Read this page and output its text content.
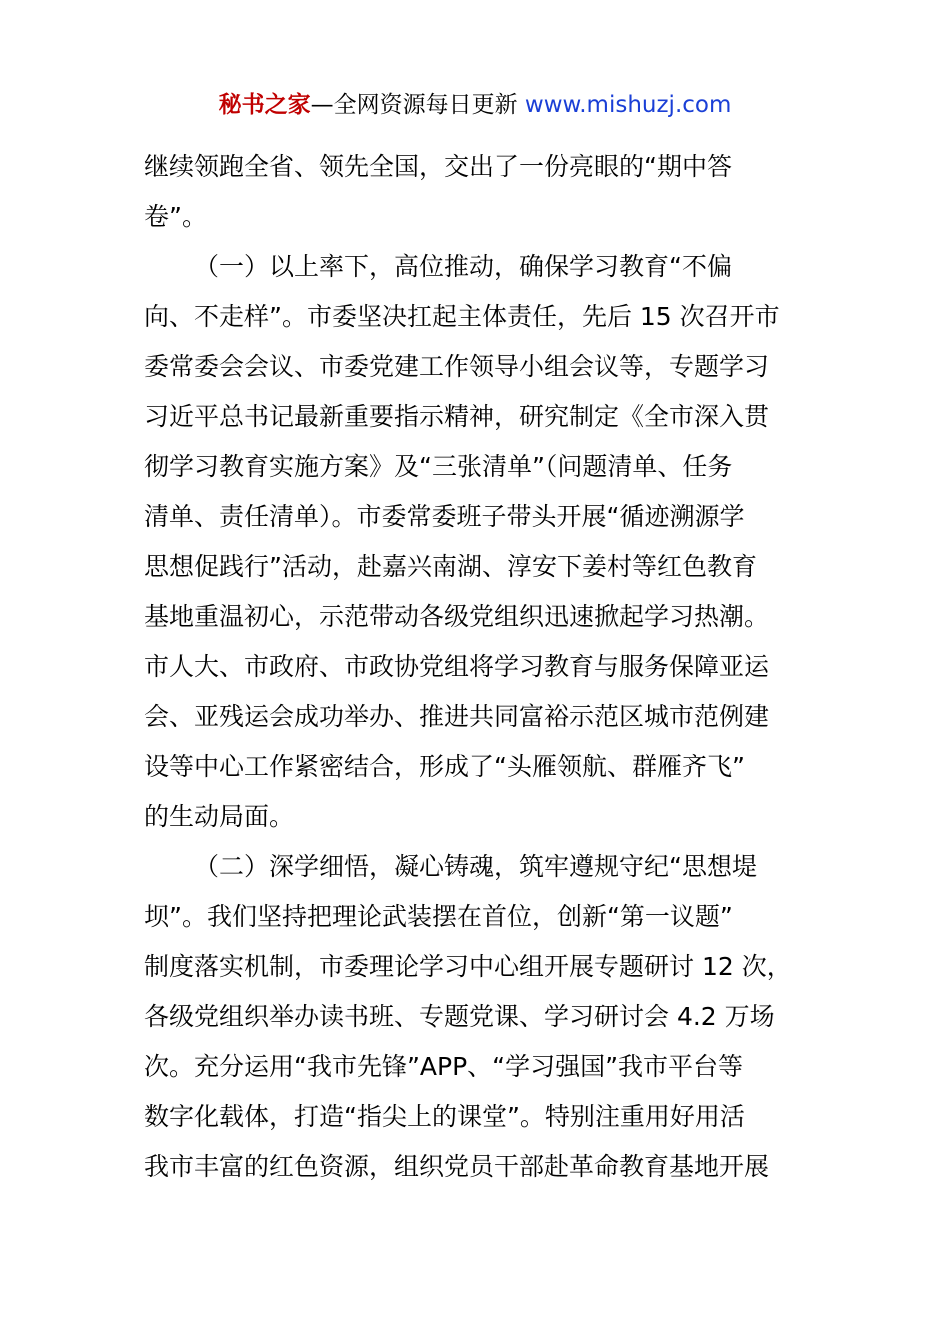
秘书之家—全网资源每日更新 www.mishuzj.com
继续领跑全省、领先全国，交出了一份亮眼的“期中答
卷”。
（一）以上率下，高位推动，确保学习教育“不偏
向、不走样”。市委坚决扛起主体责任，先后 15 次召开市
委常委会会议、市委党建工作领导小组会议等，专题学习
习近平总书记最新重要指示精神，研究制定《全市深入贯
彻学习教育实施方案》及“三张清单”（问题清单、任务
清单、责任清单）。市委常委班子带头开展“循迹溯源学
思想促践行”活动，赴嘉兴南湖、淳安下姜村等红色教育
基地重温初心，示范带动各级党组织迅速掀起学习热潮。
市人大、市政府、市政协党组将学习教育与服务保障亚运
会、亚残运会成功举办、推进共同富裕示范区城市范例建
设等中心工作紧密结合，形成了“头雁领航、群雁齐飞”
的生动局面。
（二）深学细悟，凝心铸魂，筑牢遵规守纪“思想堤
坝”。我们坚持把理论武装摆在首位，创新“第一议题”
制度落实机制，市委理论学习中心组开展专题研讨 12 次，
各级党组织举办读书班、专题党课、学习研讨会 4.2 万场
次。充分运用“我市先锋”APP、“学习强国”我市平台等
数字化载体，打造“指尖上的课堂”。特别注重用好用活
我市丰富的红色资源，组织党员干部赴革命教育基地开展
